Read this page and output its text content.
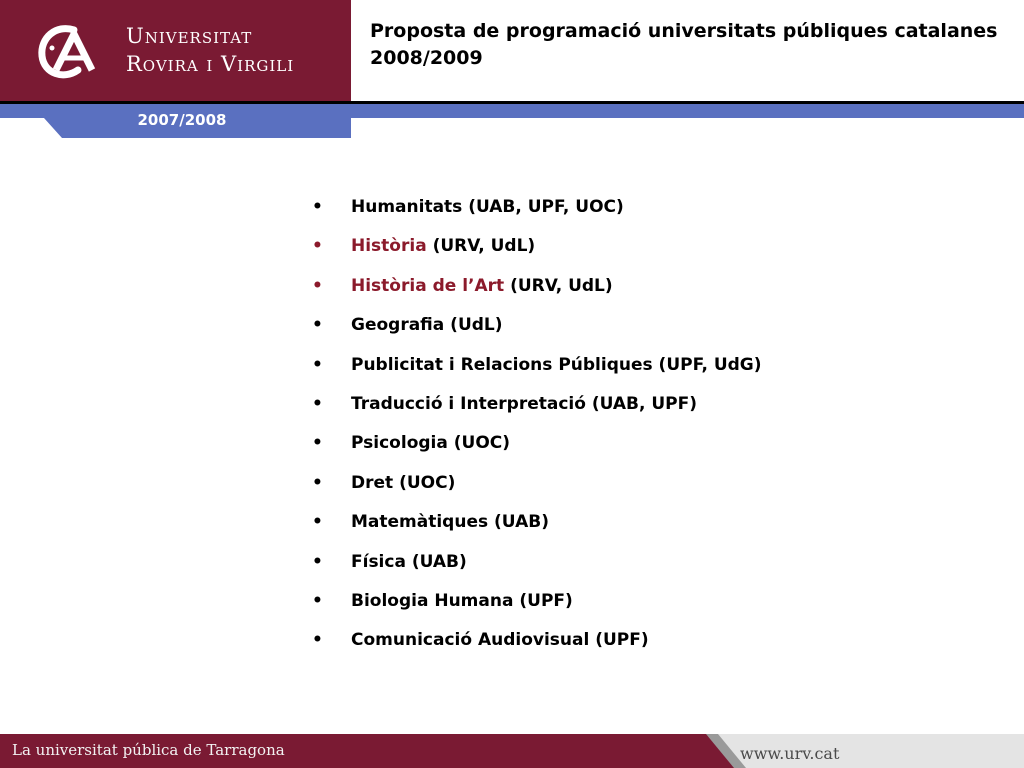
Universitat
Rovira i Virgili
Proposta de programació universitats públiques catalanes 2008/2009
2007/2008
• Humanitats (UAB, UPF, UOC)
• Història (URV, UdL)
• Història de l’Art (URV, UdL)
• Geografia (UdL)
• Publicitat i Relacions Públiques (UPF, UdG)
• Traducció i Interpretació (UAB, UPF)
• Psicologia (UOC)
• Dret (UOC)
• Matemàtiques (UAB)
• Física (UAB)
• Biologia Humana (UPF)
• Comunicació Audiovisual (UPF)
La universitat pública de Tarragona	www.urv.cat
